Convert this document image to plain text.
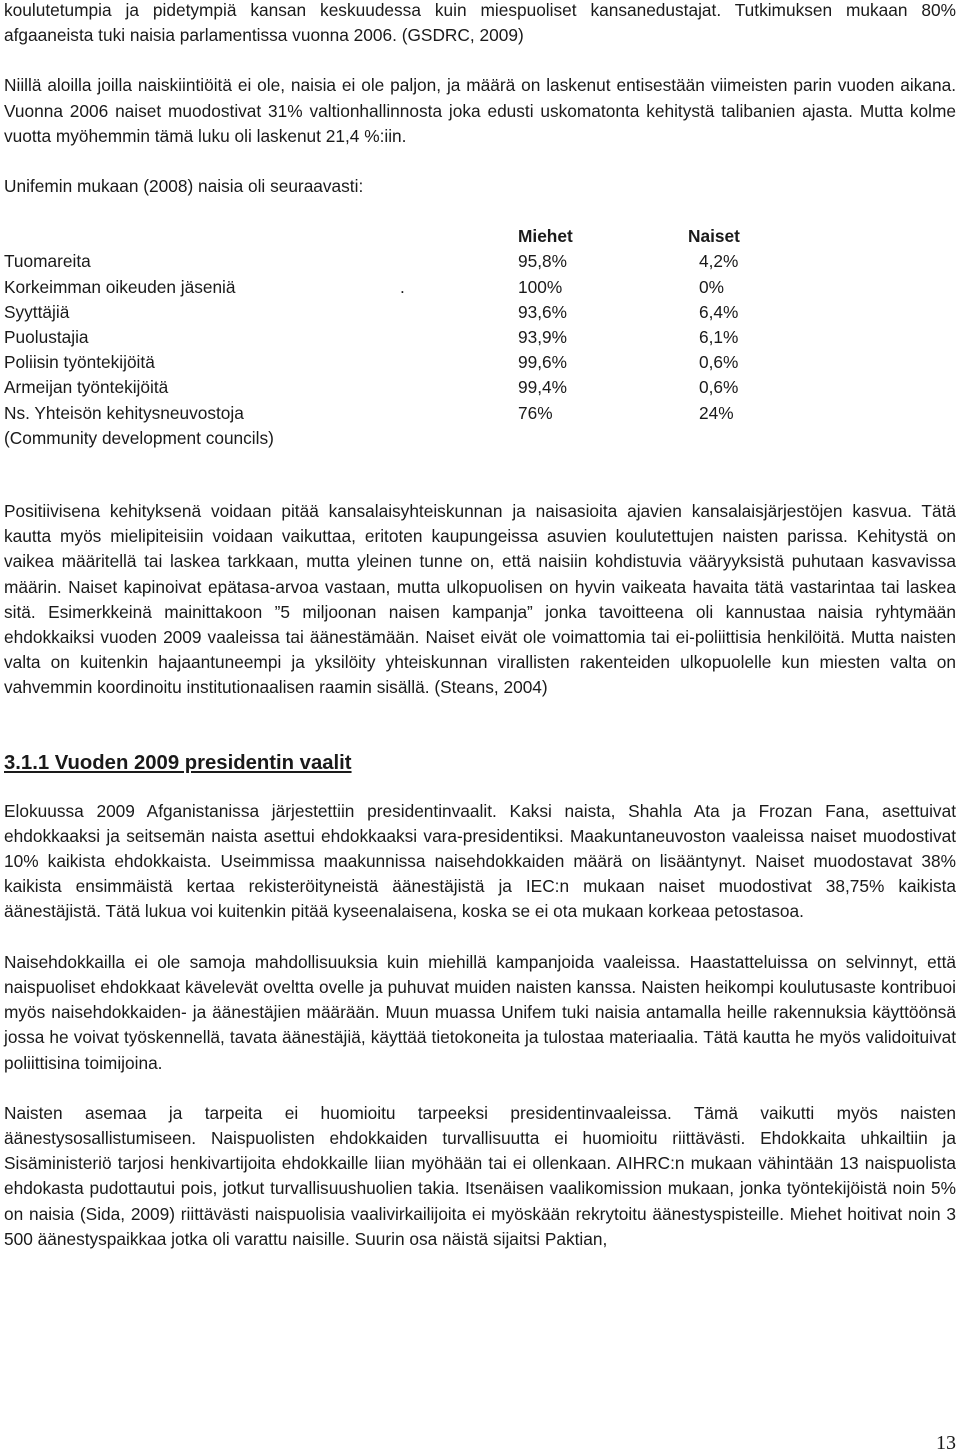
koulutetumpia ja pidetympiä kansan keskuudessa kuin miespuoliset kansanedustajat. Tutkimuksen mukaan 80% afgaaneista tuki naisia parlamentissa vuonna 2006. (GSDRC, 2009)

Niillä aloilla joilla naiskiintiöitä ei ole, naisia ei ole paljon, ja määrä on laskenut entisestään viimeisten parin vuoden aikana. Vuonna 2006 naiset muodostivat 31% valtionhallinnosta joka edusti uskomatonta kehitystä talibanien ajasta. Mutta kolme vuotta myöhemmin tämä luku oli laskenut 21,4 %:iin.

Unifemin mukaan (2008) naisia oli seuraavasti:

	Miehet	Naiset
Tuomareita	95,8%	4,2%
Korkeimman oikeuden jäseniä .	100%	0%
Syyttäjiä	93,6%	6,4%
Puolustajia	93,9%	6,1%
Poliisin työntekijöitä	99,6%	0,6%
Armeijan työntekijöitä	99,4%	0,6%
Ns. Yhteisön kehitysneuvostoja	76%	24%
(Community development councils)		

Positiivisena kehityksenä voidaan pitää kansalaisyhteiskunnan ja naisasioita ajavien kansalaisjärjestöjen kasvua. Tätä kautta myös mielipiteisiin voidaan vaikuttaa, eritoten kaupungeissa asuvien koulutettujen naisten parissa. Kehitystä on vaikea määritellä tai laskea tarkkaan, mutta yleinen tunne on, että naisiin kohdistuvia vääryyksistä puhutaan kasvavissa määrin. Naiset kapinoivat epätasa-arvoa vastaan, mutta ulkopuolisen on hyvin vaikeata havaita tätä vastarintaa tai laskea sitä. Esimerkkeinä mainittakoon ”5 miljoonan naisen kampanja” jonka tavoitteena oli kannustaa naisia ryhtymään ehdokkaiksi vuoden 2009 vaaleissa tai äänestämään. Naiset eivät ole voimattomia tai ei-poliittisia henkilöitä. Mutta naisten valta on kuitenkin hajaantuneempi ja yksilöity yhteiskunnan virallisten rakenteiden ulkopuolelle kun miesten valta on vahvemmin koordinoitu institutionaalisen raamin sisällä. (Steans, 2004)

3.1.1 Vuoden 2009 presidentin vaalit

Elokuussa 2009 Afganistanissa järjestettiin presidentinvaalit. Kaksi naista, Shahla Ata ja Frozan Fana, asettuivat ehdokkaaksi ja seitsemän naista asettui ehdokkaaksi vara-presidentiksi. Maakuntaneuvoston vaaleissa naiset muodostivat 10% kaikista ehdokkaista. Useimmissa maakunnissa naisehdokkaiden määrä on lisääntynyt. Naiset muodostavat 38% kaikista ensimmäistä kertaa rekisteröityneistä äänestäjistä ja IEC:n mukaan naiset muodostivat 38,75% kaikista äänestäjistä. Tätä lukua voi kuitenkin pitää kyseenalaisena, koska se ei ota mukaan korkeaa petostasoa.

Naisehdokkailla ei ole samoja mahdollisuuksia kuin miehillä kampanjoida vaaleissa. Haastatteluissa on selvinnyt, että naispuoliset ehdokkaat kävelevät oveltta ovelle ja puhuvat muiden naisten kanssa. Naisten heikompi koulutusaste kontribuoi myös naisehdokkaiden- ja äänestäjien määrään. Muun muassa Unifem tuki naisia antamalla heille rakennuksia käyttöönsä jossa he voivat työskennellä, tavata äänestäjiä, käyttää tietokoneita ja tulostaa materiaalia. Tätä kautta he myös validoituivat poliittisina toimijoina.

Naisten asemaa ja tarpeita ei huomioitu tarpeeksi presidentinvaaleissa. Tämä vaikutti myös naisten äänestysosallistumiseen. Naispuolisten ehdokkaiden turvallisuutta ei huomioitu riittävästi. Ehdokkaita uhkailtiin ja Sisäministeriö tarjosi henkivartijoita ehdokkaille liian myöhään tai ei ollenkaan. AIHRC:n mukaan vähintään 13 naispuolista ehdokasta pudottautui pois, jotkut turvallisuushuolien takia. Itsenäisen vaalikomission mukaan, jonka työntekijöistä noin 5% on naisia (Sida, 2009) riittävästi naispuolisia vaalivirkailijoita ei myöskään rekrytoitu äänestyspisteille. Miehet hoitivat noin 3 500 äänestyspaikkaa jotka oli varattu naisille. Suurin osa näistä sijaitsi Paktian,

13
